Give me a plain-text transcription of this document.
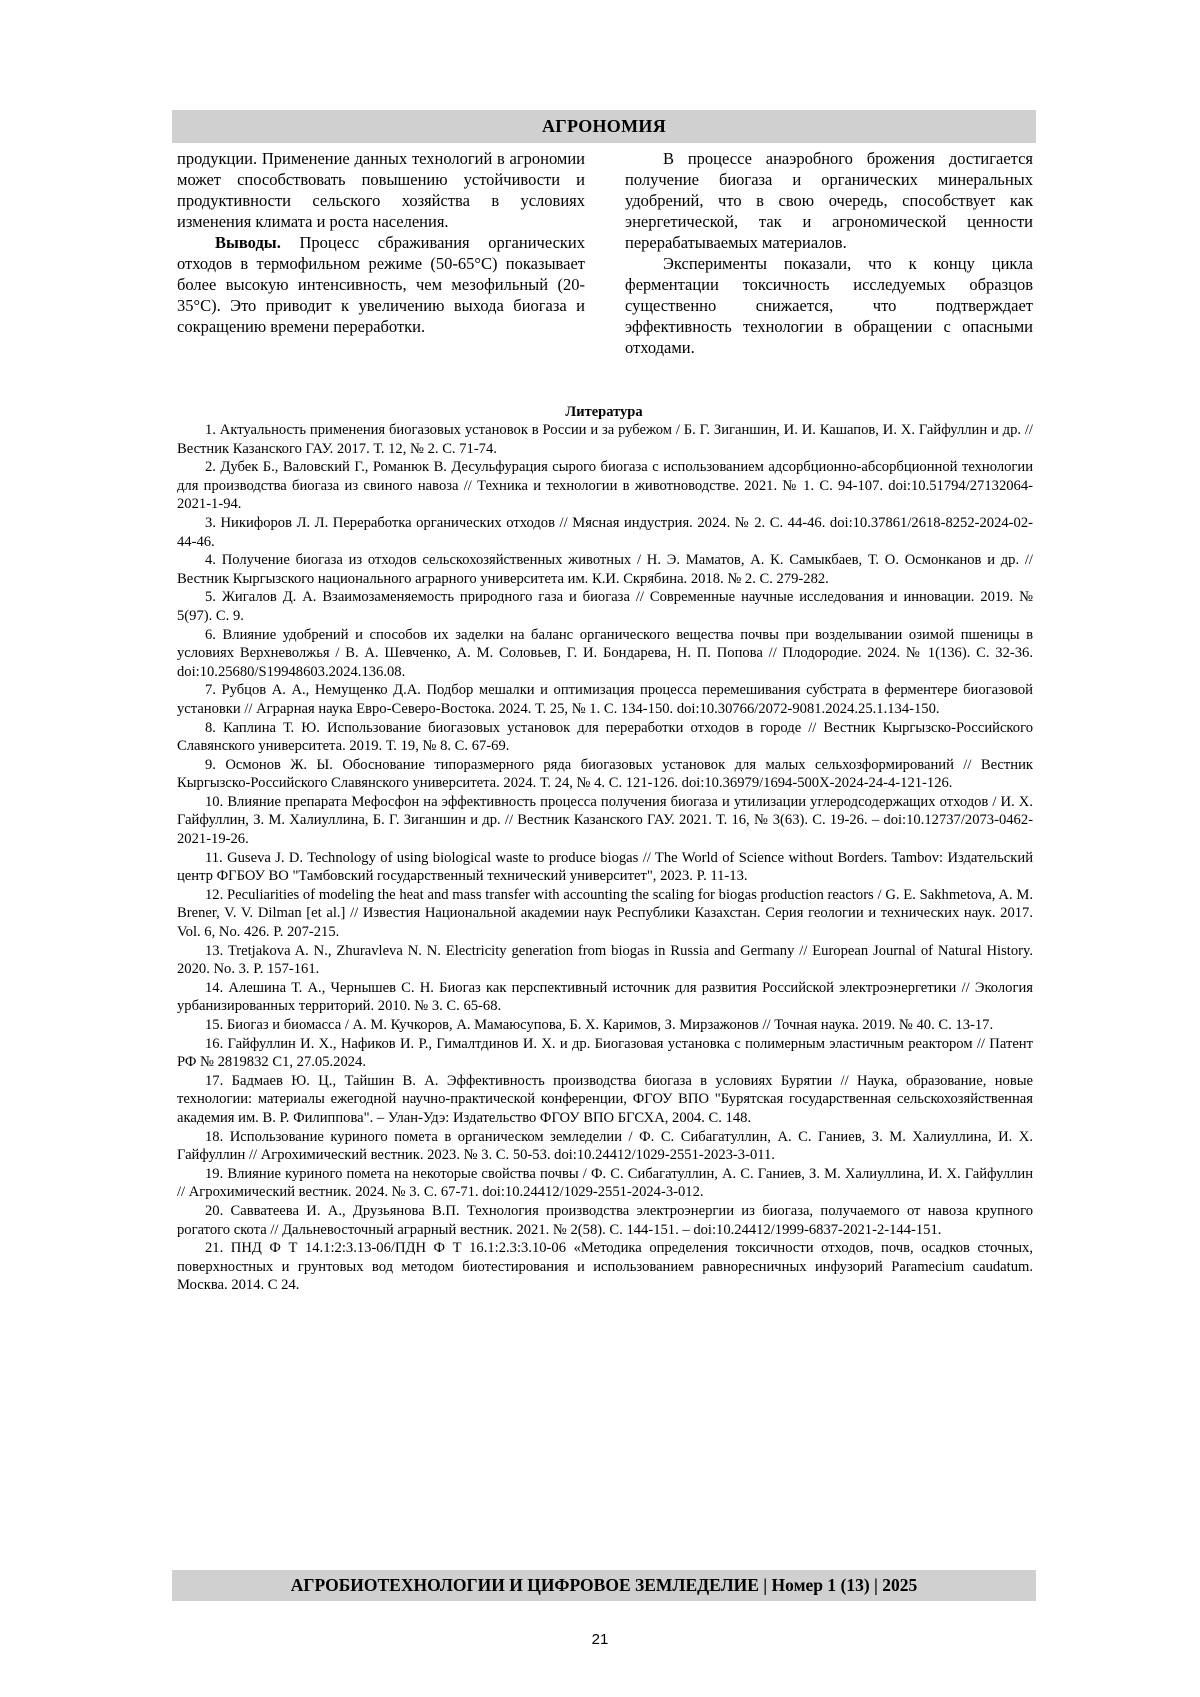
АГРОНОМИЯ

продукции. Применение данных технологий в агрономии может способствовать повышению устойчивости и продуктивности сельского хозяйства в условиях изменения климата и роста населения.

Выводы. Процесс сбраживания органических отходов в термофильном режиме (50-65°C) показывает более высокую интенсивность, чем мезофильный (20-35°C). Это приводит к увеличению выхода биогаза и сокращению времени переработки.

В процессе анаэробного брожения достигается получение биогаза и органических минеральных удобрений, что в свою очередь, способствует как энергетической, так и агрономической ценности перерабатываемых материалов.

Эксперименты показали, что к концу цикла ферментации токсичность исследуемых образцов существенно снижается, что подтверждает эффективность технологии в обращении с опасными отходами.

Литература

1. Актуальность применения биогазовых установок в России и за рубежом / Б. Г. Зиганшин, И. И. Кашапов, И. Х. Гайфуллин и др. // Вестник Казанского ГАУ. 2017. Т. 12, № 2. С. 71-74.

2. Дубек Б., Валовский Г., Романюк В. Десульфурация сырого биогаза с использованием адсорбционно-абсорбционной технологии для производства биогаза из свиного навоза // Техника и технологии в животноводстве. 2021. № 1. С. 94-107. doi:10.51794/27132064-2021-1-94.

3. Никифоров Л. Л. Переработка органических отходов // Мясная индустрия. 2024. № 2. С. 44-46. doi:10.37861/2618-8252-2024-02-44-46.

4. Получение биогаза из отходов сельскохозяйственных животных / Н. Э. Маматов, А. К. Самыкбаев, Т. О. Осмонканов и др. // Вестник Кыргызского национального аграрного университета им. К.И. Скрябина. 2018. № 2. С. 279-282.

5. Жигалов Д. А. Взаимозаменяемость природного газа и биогаза // Современные научные исследования и инновации. 2019. № 5(97). С. 9.

6. Влияние удобрений и способов их заделки на баланс органического вещества почвы при возделывании озимой пшеницы в условиях Верхневолжья / В. А. Шевченко, А. М. Соловьев, Г. И. Бондарева, Н. П. Попова // Плодородие. 2024. № 1(136). С. 32-36. doi:10.25680/S19948603.2024.136.08.

7. Рубцов А. А., Немущенко Д.А. Подбор мешалки и оптимизация процесса перемешивания субстрата в ферментере биогазовой установки // Аграрная наука Евро-Северо-Востока. 2024. Т. 25, № 1. С. 134-150. doi:10.30766/2072-9081.2024.25.1.134-150.

8. Каплина Т. Ю. Использование биогазовых установок для переработки отходов в городе // Вестник Кыргызско-Российского Славянского университета. 2019. Т. 19, № 8. С. 67-69.

9. Осмонов Ж. Ы. Обоснование типоразмерного ряда биогазовых установок для малых сельхозформирований // Вестник Кыргызско-Российского Славянского университета. 2024. Т. 24, № 4. С. 121-126. doi:10.36979/1694-500X-2024-24-4-121-126.

10. Влияние препарата Мефосфон на эффективность процесса получения биогаза и утилизации углеродсодержащих отходов / И. Х. Гайфуллин, З. М. Халиуллина, Б. Г. Зиганшин и др. // Вестник Казанского ГАУ. 2021. Т. 16, № 3(63). С. 19-26. – doi:10.12737/2073-0462-2021-19-26.

11. Guseva J. D. Technology of using biological waste to produce biogas // The World of Science without Borders. Tambov: Издательский центр ФГБОУ ВО "Тамбовский государственный технический университет", 2023. P. 11-13.

12. Peculiarities of modeling the heat and mass transfer with accounting the scaling for biogas production reactors / G. E. Sakhmetova, A. M. Brener, V. V. Dilman [et al.] // Известия Национальной академии наук Республики Казахстан. Серия геологии и технических наук. 2017. Vol. 6, No. 426. P. 207-215.

13. Tretjakova A. N., Zhuravleva N. N. Electricity generation from biogas in Russia and Germany // European Journal of Natural History. 2020. No. 3. P. 157-161.

14. Алешина Т. А., Чернышев С. Н. Биогаз как перспективный источник для развития Российской электроэнергетики // Экология урбанизированных территорий. 2010. № 3. С. 65-68.

15. Биогаз и биомасса / А. М. Кучкоров, А. Мамаюсупова, Б. Х. Каримов, З. Мирзажонов // Точная наука. 2019. № 40. С. 13-17.

16. Гайфуллин И. Х., Нафиков И. Р., Гималтдинов И. Х. и др. Биогазовая установка с полимерным эластичным реактором // Патент РФ № 2819832 C1, 27.05.2024.

17. Бадмаев Ю. Ц., Тайшин В. А. Эффективность производства биогаза в условиях Бурятии // Наука, образование, новые технологии: материалы ежегодной научно-практической конференции, ФГОУ ВПО "Бурятская государственная сельскохозяйственная академия им. В. Р. Филиппова". – Улан-Удэ: Издательство ФГОУ ВПО БГСХА, 2004. С. 148.

18. Использование куриного помета в органическом земледелии / Ф. С. Сибагатуллин, А. С. Ганиев, З. М. Халиуллина, И. Х. Гайфуллин // Агрохимический вестник. 2023. № 3. С. 50-53. doi:10.24412/1029-2551-2023-3-011.

19. Влияние куриного помета на некоторые свойства почвы / Ф. С. Сибагатуллин, А. С. Ганиев, З. М. Халиуллина, И. Х. Гайфуллин // Агрохимический вестник. 2024. № 3. С. 67-71. doi:10.24412/1029-2551-2024-3-012.

20. Савватеева И. А., Друзьянова В.П. Технология производства электроэнергии из биогаза, получаемого от навоза крупного рогатого скота // Дальневосточный аграрный вестник. 2021. № 2(58). С. 144-151. – doi:10.24412/1999-6837-2021-2-144-151.

21. ПНД Ф Т 14.1:2:3.13-06/ПДН Ф Т 16.1:2.3:3.10-06 «Методика определения токсичности отходов, почв, осадков сточных, поверхностных и грунтовых вод методом биотестирования и использованием равноресничных инфузорий Paramecium caudatum. Москва. 2014. С 24.

АГРОБИОТЕХНОЛОГИИ И ЦИФРОВОЕ ЗЕМЛЕДЕЛИЕ | Номер 1 (13) | 2025
21
